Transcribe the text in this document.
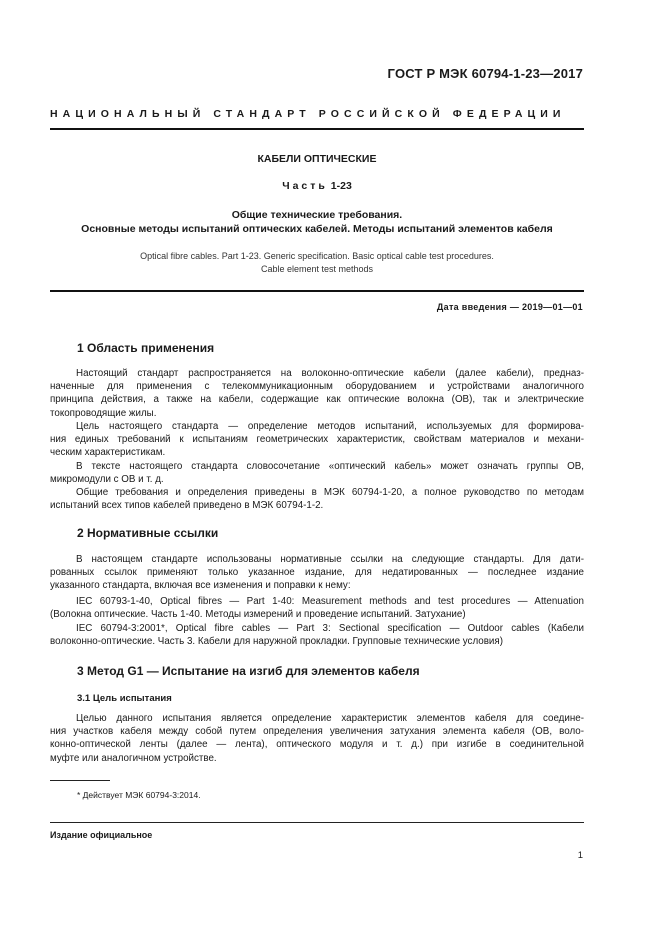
ГОСТ Р МЭК 60794-1-23—2017
НАЦИОНАЛЬНЫЙ СТАНДАРТ РОССИЙСКОЙ ФЕДЕРАЦИИ
КАБЕЛИ ОПТИЧЕСКИЕ
Часть 1-23
Общие технические требования.
Основные методы испытаний оптических кабелей. Методы испытаний элементов кабеля
Optical fibre cables. Part 1-23. Generic specification. Basic optical cable test procedures.
Cable element test methods
Дата введения — 2019—01—01
1 Область применения

Настоящий стандарт распространяется на волоконно-оптические кабели (далее кабели), предназ-
наченные для применения с телекоммуникационным оборудованием и устройствами аналогичного
принципа действия, а также на кабели, содержащие как оптические волокна (ОВ), так и электрические
токопроводящие жилы.

Цель настоящего стандарта — определение методов испытаний, используемых для формирова-
ния единых требований к испытаниям геометрических характеристик, свойствам материалов и механи-
ческим характеристикам.

В тексте настоящего стандарта словосочетание «оптический кабель» может означать группы ОВ,
микромодули с ОВ и т. д.

Общие требования и определения приведены в МЭК 60794-1-20, а полное руководство по методам
испытаний всех типов кабелей приведено в МЭК 60794-1-2.

2 Нормативные ссылки

В настоящем стандарте использованы нормативные ссылки на следующие стандарты. Для дати-
рованных ссылок применяют только указанное издание, для недатированных — последнее издание
указанного стандарта, включая все изменения и поправки к нему:

IEC 60793-1-40, Optical fibres — Part 1-40: Measurement methods and test procedures — Attenuation
(Волокна оптические. Часть 1-40. Методы измерений и проведение испытаний. Затухание)

IEC 60794-3:2001*, Optical fibre cables — Part 3: Sectional specification — Outdoor cables (Кабели
волоконно-оптические. Часть 3. Кабели для наружной прокладки. Групповые технические условия)

3 Метод G1 — Испытание на изгиб для элементов кабеля
3.1 Цель испытания

Целью данного испытания является определение характеристик элементов кабеля для соедине-
ния участков кабеля между собой путем определения увеличения затухания элемента кабеля (ОВ, воло-
конно-оптической ленты (далее — лента), оптического модуля и т. д.) при изгибе в соединительной
муфте или аналогичном устройстве.

* Действует МЭК 60794-3:2014.
Издание официальное
1
